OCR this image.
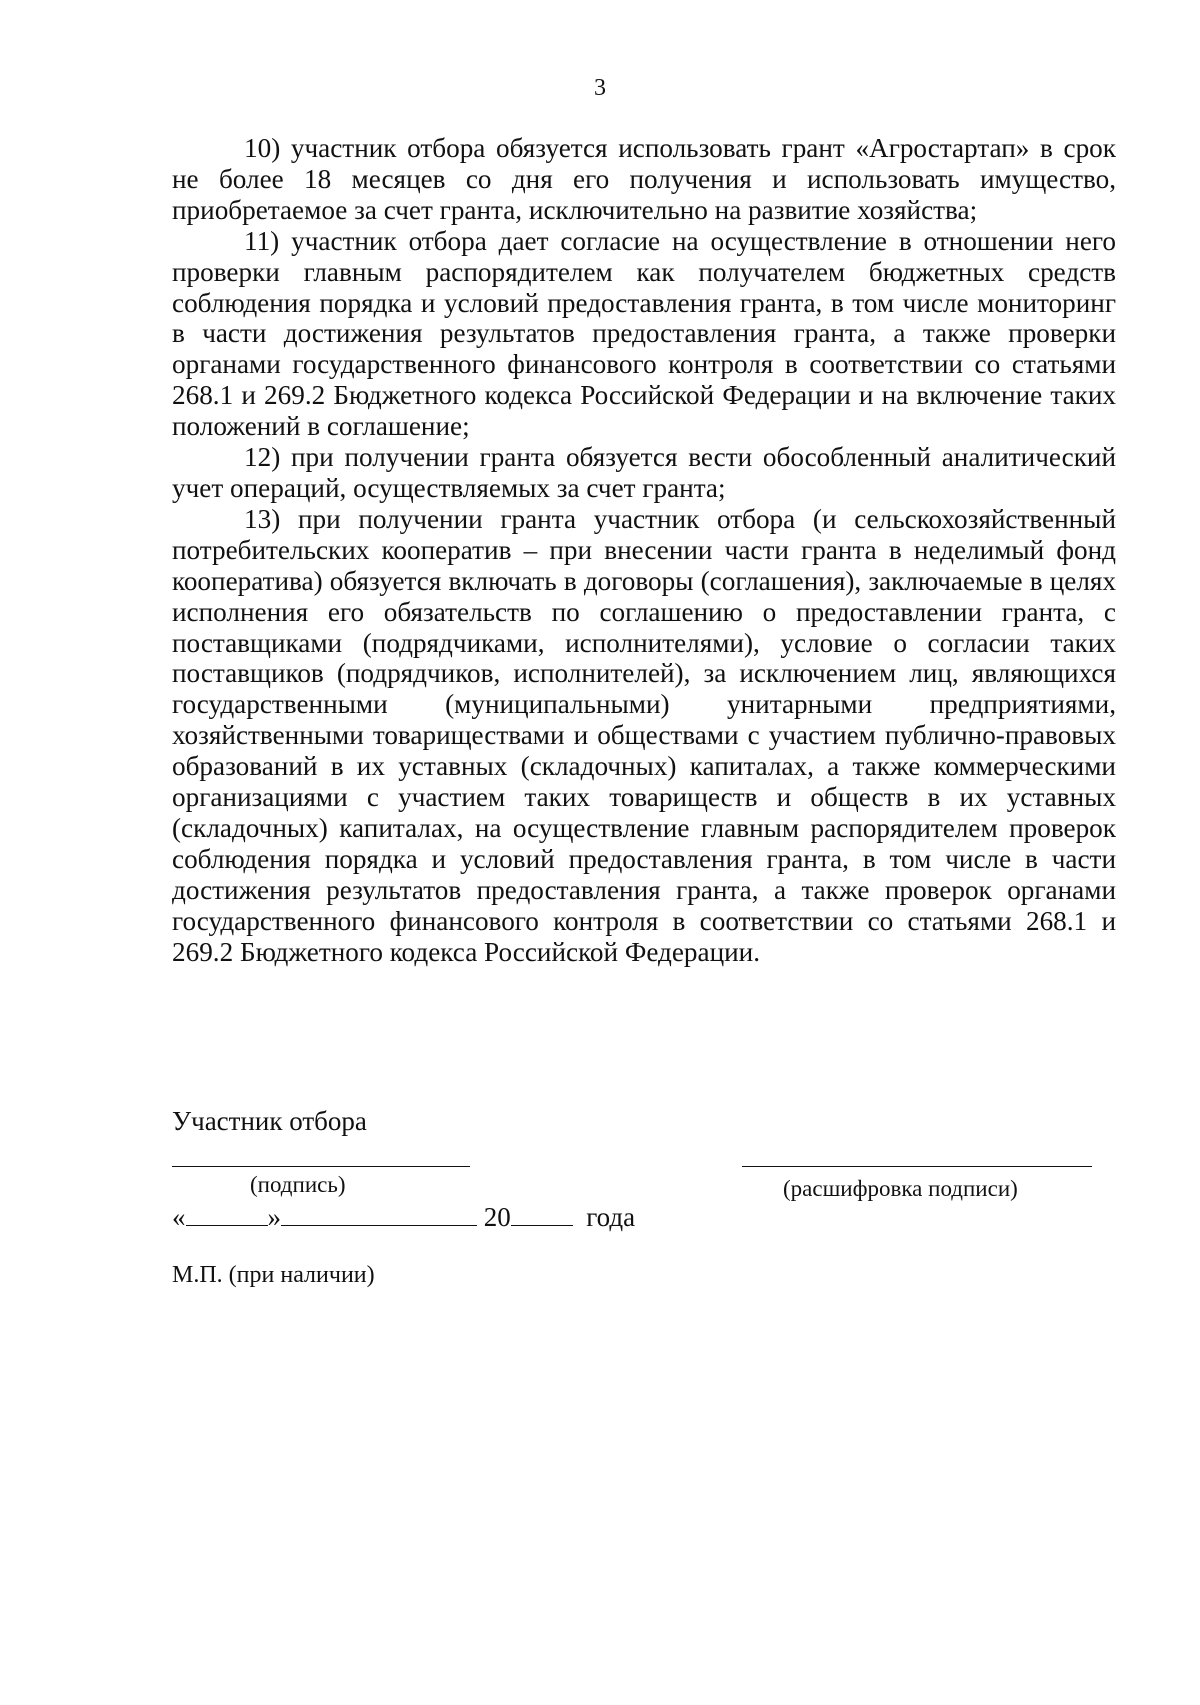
3

10) участник отбора обязуется использовать грант «Агростартап» в срок не более 18 месяцев со дня его получения и использовать имущество, приобретаемое за счет гранта, исключительно на развитие хозяйства;

11) участник отбора дает согласие на осуществление в отношении него проверки главным распорядителем как получателем бюджетных средств соблюдения порядка и условий предоставления гранта, в том числе мониторинг в части достижения результатов предоставления гранта, а также проверки органами государственного финансового контроля в соответствии со статьями 268.1 и 269.2 Бюджетного кодекса Российской Федерации и на включение таких положений в соглашение;

12) при получении гранта обязуется вести обособленный аналитический учет операций, осуществляемых за счет гранта;

13) при получении гранта участник отбора (и сельскохозяйственный потребительских кооператив – при внесении части гранта в неделимый фонд кооператива) обязуется включать в договоры (соглашения), заключаемые в целях исполнения его обязательств по соглашению о предоставлении гранта, с поставщиками (подрядчиками, исполнителями), условие о согласии таких поставщиков (подрядчиков, исполнителей), за исключением лиц, являющихся государственными (муниципальными) унитарными предприятиями, хозяйственными товариществами и обществами с участием публично-правовых образований в их уставных (складочных) капиталах, а также коммерческими организациями с участием таких товариществ и обществ в их уставных (складочных) капиталах, на осуществление главным распорядителем проверок соблюдения порядка и условий предоставления гранта, в том числе в части достижения результатов предоставления гранта, а также проверок органами государственного финансового контроля в соответствии со статьями 268.1 и 269.2 Бюджетного кодекса Российской Федерации.

Участник отбора
(подпись)	(расшифровка подписи)
«	»	20	года
М.П. (при наличии)
